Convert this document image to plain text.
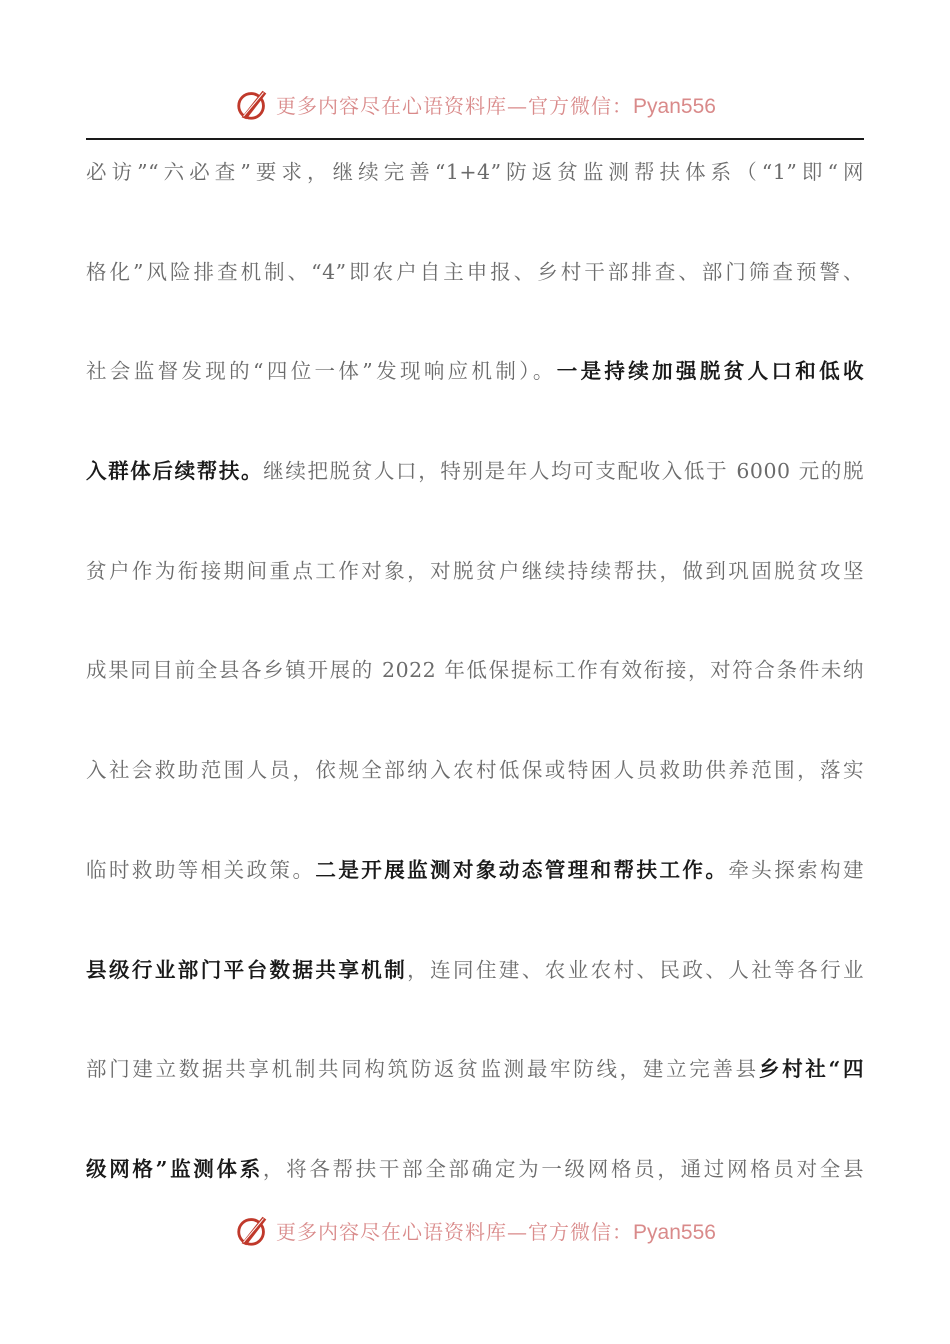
更多内容尽在心语资料库—官方微信：Pyan556
必访”“六必查”要求，继续完善“1+4”防返贫监测帮扶体系（“1”即“网
格化”风险排查机制、“4”即农户自主申报、乡村干部排查、部门筛查预警、
社会监督发现的“四位一体”发现响应机制）。一是持续加强脱贫人口和低收
入群体后续帮扶。继续把脱贫人口，特别是年人均可支配收入低于 6000 元的脱
贫户作为衔接期间重点工作对象，对脱贫户继续持续帮扶，做到巩固脱贫攻坚
成果同目前全县各乡镇开展的 2022 年低保提标工作有效衔接，对符合条件未纳
入社会救助范围人员，依规全部纳入农村低保或特困人员救助供养范围，落实
临时救助等相关政策。二是开展监测对象动态管理和帮扶工作。牵头探索构建
县级行业部门平台数据共享机制，连同住建、农业农村、民政、人社等各行业
部门建立数据共享机制共同构筑防返贫监测最牢防线，建立完善县乡村社“四
级网格”监测体系，将各帮扶干部全部确定为一级网格员，通过网格员对全县
更多内容尽在心语资料库—官方微信：Pyan556
